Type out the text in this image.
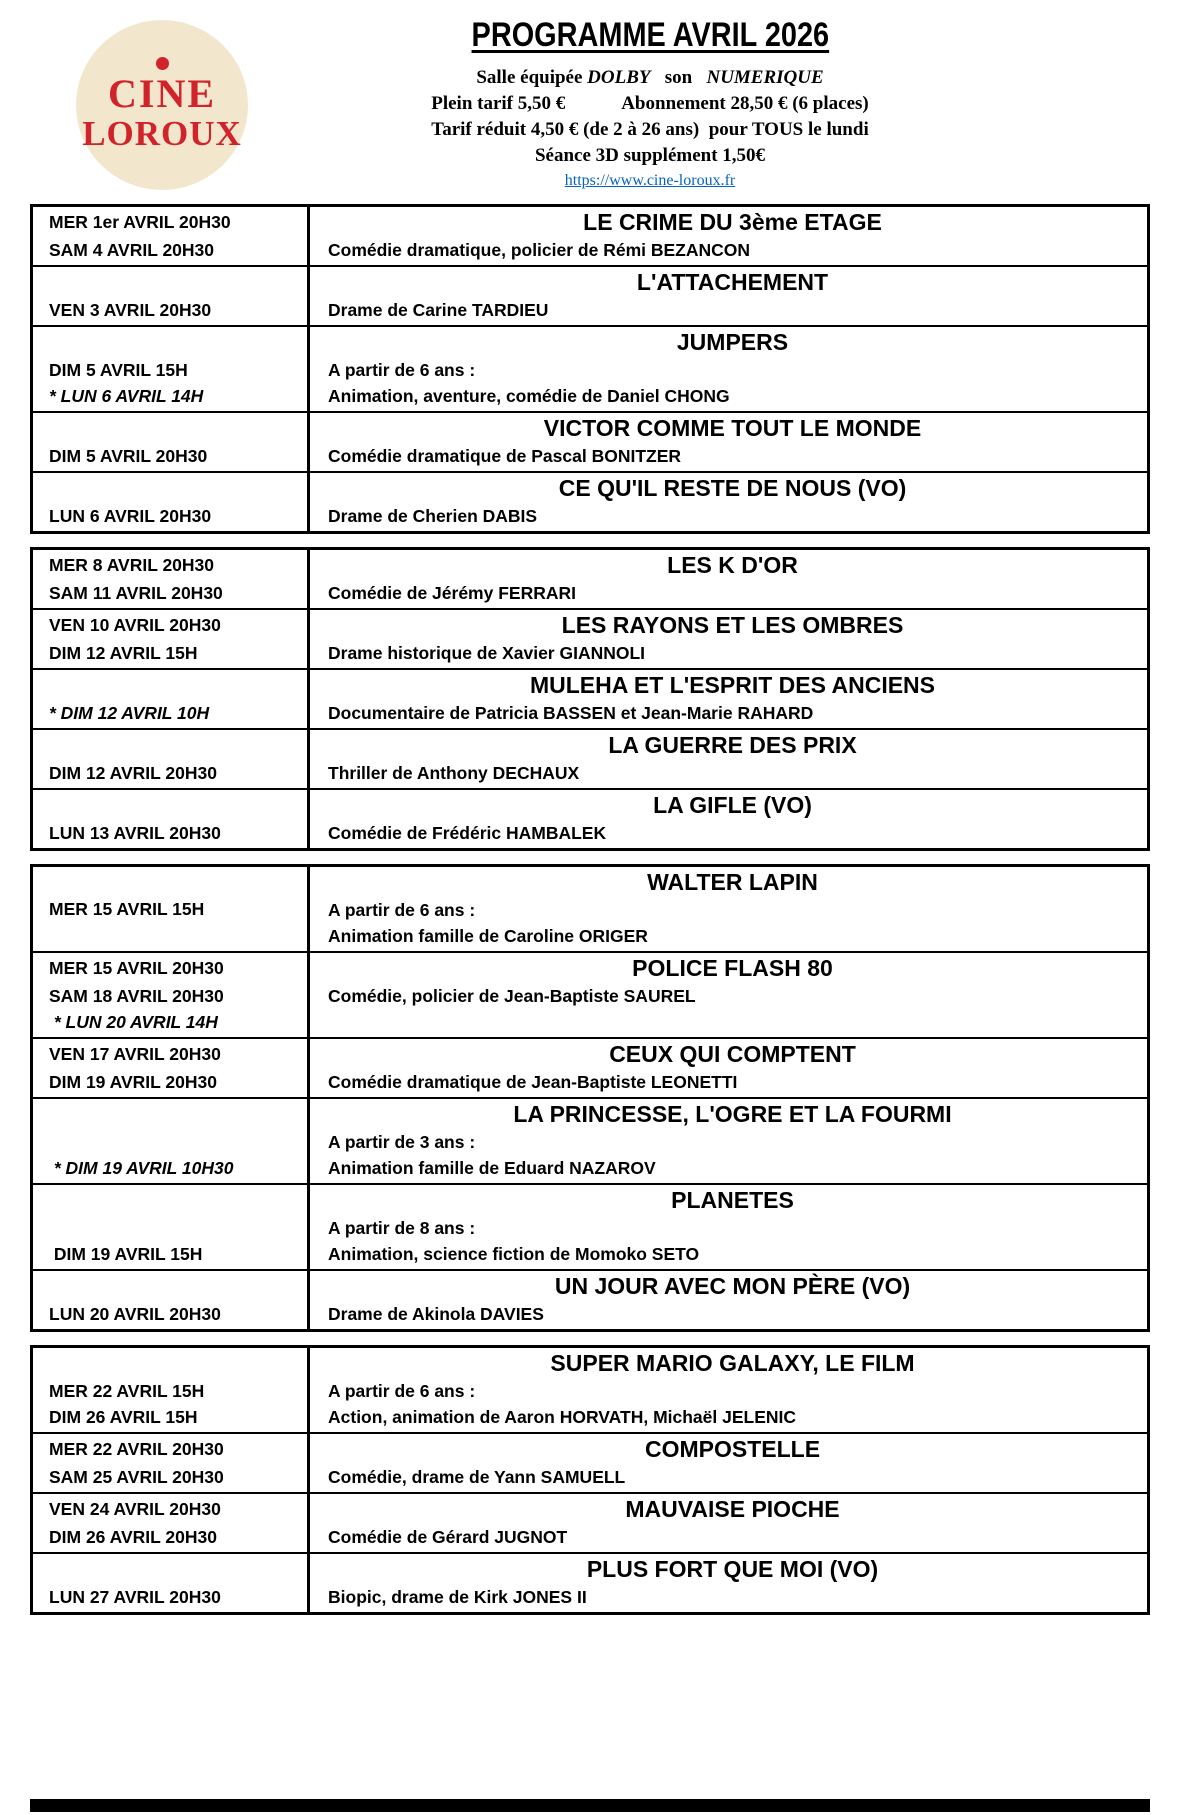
CINE
LOROUX
PROGRAMME AVRIL 2026
Salle équipée DOLBY   son   NUMERIQUE
Plein tarif 5,50 €            Abonnement 28,50 € (6 places)
Tarif réduit 4,50 € (de 2 à 26 ans)  pour TOUS le lundi
Séance 3D supplément 1,50€
https://www.cine-loroux.fr
MER 1er AVRIL 20H30
SAM 4 AVRIL 20H30
LE CRIME DU 3ème ETAGE
Comédie dramatique, policier de Rémi BEZANCON
VEN 3 AVRIL 20H30
L'ATTACHEMENT
Drame de Carine TARDIEU
DIM 5 AVRIL 15H
* LUN 6 AVRIL 14H
JUMPERS
A partir de 6 ans :
Animation, aventure, comédie de Daniel CHONG
DIM 5 AVRIL 20H30
VICTOR COMME TOUT LE MONDE
Comédie dramatique de Pascal BONITZER
LUN 6 AVRIL 20H30
CE QU'IL RESTE DE NOUS (VO)
Drame de Cherien DABIS
MER 8 AVRIL 20H30
SAM 11 AVRIL 20H30
LES K D'OR
Comédie de Jérémy FERRARI
VEN 10 AVRIL 20H30
DIM 12 AVRIL 15H
LES RAYONS ET LES OMBRES
Drame historique de Xavier GIANNOLI
* DIM 12 AVRIL 10H
MULEHA ET L'ESPRIT DES ANCIENS
Documentaire de Patricia BASSEN et Jean-Marie RAHARD
DIM 12 AVRIL 20H30
LA GUERRE DES PRIX
Thriller de Anthony DECHAUX
LUN 13 AVRIL 20H30
LA GIFLE (VO)
Comédie de Frédéric HAMBALEK
MER 15 AVRIL 15H
WALTER LAPIN
A partir de 6 ans :
Animation famille de Caroline ORIGER
MER 15 AVRIL 20H30
SAM 18 AVRIL 20H30
* LUN 20 AVRIL 14H
POLICE FLASH 80
Comédie, policier de Jean-Baptiste SAUREL
VEN 17 AVRIL 20H30
DIM 19 AVRIL 20H30
CEUX QUI COMPTENT
Comédie dramatique de Jean-Baptiste LEONETTI
* DIM 19 AVRIL 10H30
LA PRINCESSE, L'OGRE ET LA FOURMI
A partir de 3 ans :
Animation famille de Eduard NAZAROV
DIM 19 AVRIL 15H
PLANETES
A partir de 8 ans :
Animation, science fiction de Momoko SETO
LUN 20 AVRIL 20H30
UN JOUR AVEC MON PÈRE (VO)
Drame de Akinola DAVIES
MER 22 AVRIL 15H
DIM 26 AVRIL 15H
SUPER MARIO GALAXY, LE FILM
A partir de 6 ans :
Action, animation de Aaron HORVATH, Michaël JELENIC
MER 22 AVRIL 20H30
SAM 25 AVRIL 20H30
COMPOSTELLE
Comédie, drame de Yann SAMUELL
VEN 24 AVRIL 20H30
DIM 26 AVRIL 20H30
MAUVAISE PIOCHE
Comédie de Gérard JUGNOT
LUN 27 AVRIL 20H30
PLUS FORT QUE MOI (VO)
Biopic, drame de Kirk JONES II
